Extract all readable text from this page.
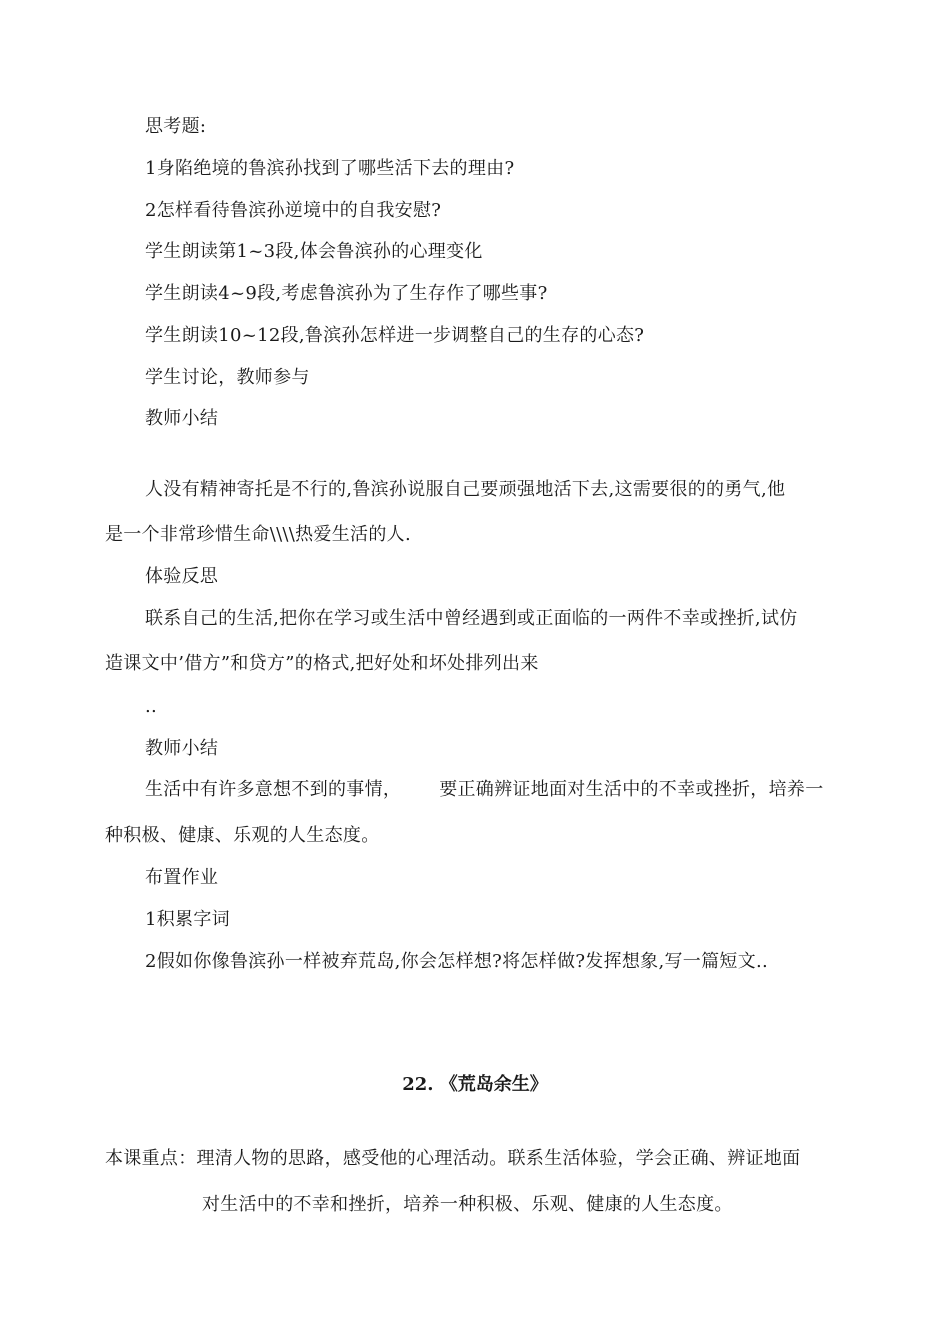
思考题:
1身陷绝境的鲁滨孙找到了哪些活下去的理由?
2怎样看待鲁滨孙逆境中的自我安慰?
学生朗读第1~3段,体会鲁滨孙的心理变化
学生朗读4~9段,考虑鲁滨孙为了生存作了哪些事?
学生朗读10~12段,鲁滨孙怎样进一步调整自己的生存的心态?
学生讨论，教师参与
教师小结
人没有精神寄托是不行的,鲁滨孙说服自己要顽强地活下去,这需要很的的勇气,他
是一个非常珍惜生命\\\\热爱生活的人.
体验反思
联系自己的生活,把你在学习或生活中曾经遇到或正面临的一两件不幸或挫折,试仿
造课文中’借方”和贷方”的格式,把好处和坏处排列出来
..
教师小结
生活中有许多意想不到的事情， 要正确辨证地面对生活中的不幸或挫折，培养一
种积极、健康、乐观的人生态度。
布置作业
1积累字词
2假如你像鲁滨孙一样被弃荒岛,你会怎样想?将怎样做?发挥想象,写一篇短文..
22. 《荒岛余生》
本课重点：理清人物的思路，感受他的心理活动。联系生活体验，学会正确、辨证地面
对生活中的不幸和挫折，培养一种积极、乐观、健康的人生态度。
